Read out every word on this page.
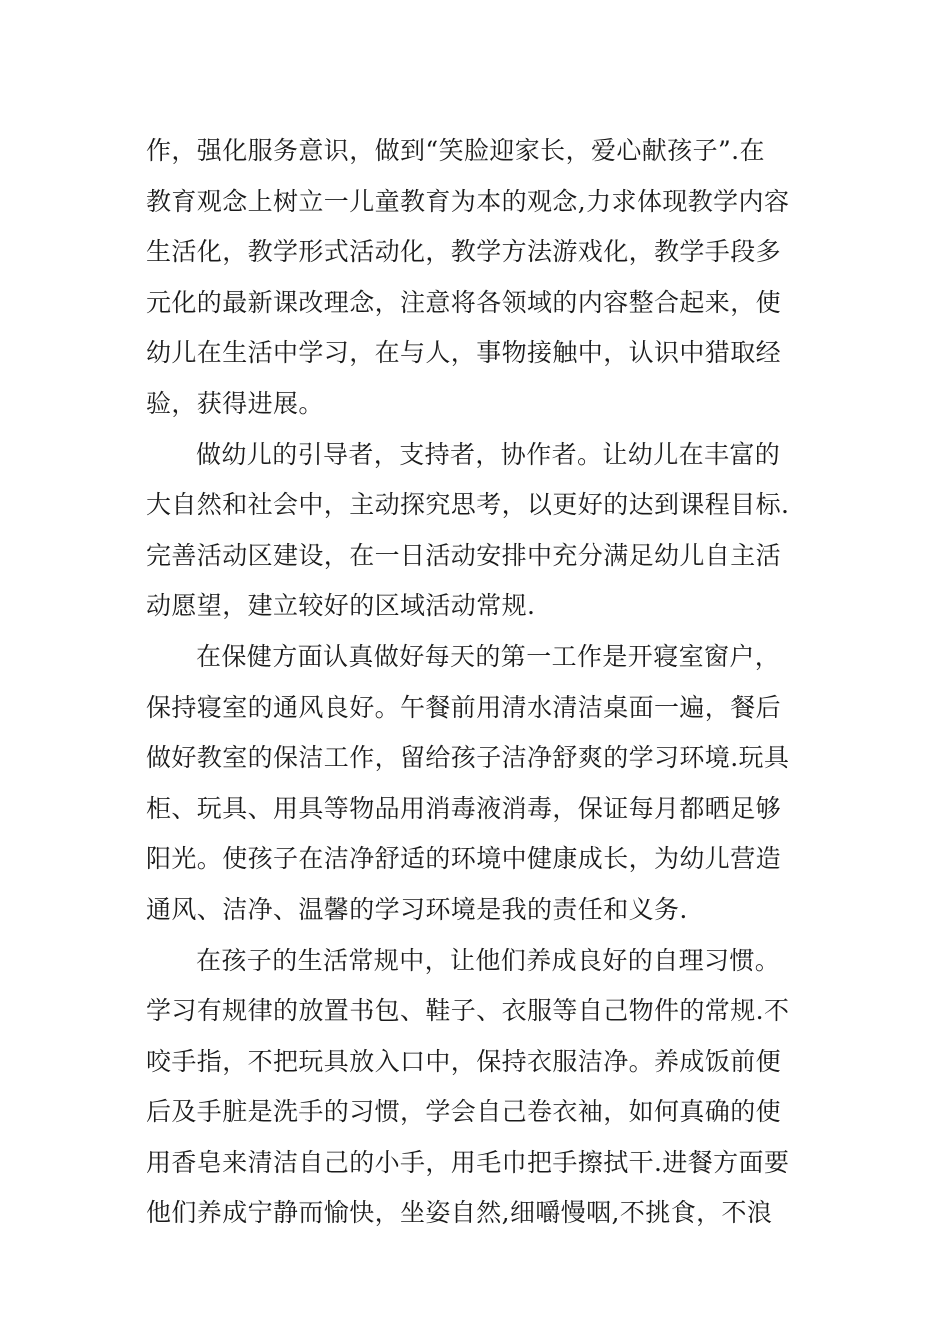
作，强化服务意识，做到“笑脸迎家长，爱心献孩子”.在
教育观念上树立一儿童教育为本的观念,力求体现教学内容
生活化，教学形式活动化，教学方法游戏化，教学手段多
元化的最新课改理念，注意将各领域的内容整合起来，使
幼儿在生活中学习，在与人，事物接触中，认识中猎取经
验，获得进展。
做幼儿的引导者，支持者，协作者。让幼儿在丰富的
大自然和社会中，主动探究思考，以更好的达到课程目标.
完善活动区建设，在一日活动安排中充分满足幼儿自主活
动愿望，建立较好的区域活动常规.
在保健方面认真做好每天的第一工作是开寝室窗户，
保持寝室的通风良好。午餐前用清水清洁桌面一遍，餐后
做好教室的保洁工作，留给孩子洁净舒爽的学习环境.玩具
柜、玩具、用具等物品用消毒液消毒，保证每月都晒足够
阳光。使孩子在洁净舒适的环境中健康成长，为幼儿营造
通风、洁净、温馨的学习环境是我的责任和义务.
在孩子的生活常规中，让他们养成良好的自理习惯。
学习有规律的放置书包、鞋子、衣服等自己物件的常规.不
咬手指，不把玩具放入口中，保持衣服洁净。养成饭前便
后及手脏是洗手的习惯，学会自己卷衣袖，如何真确的使
用香皂来清洁自己的小手，用毛巾把手擦拭干.进餐方面要
他们养成宁静而愉快，坐姿自然,细嚼慢咽,不挑食，不浪
